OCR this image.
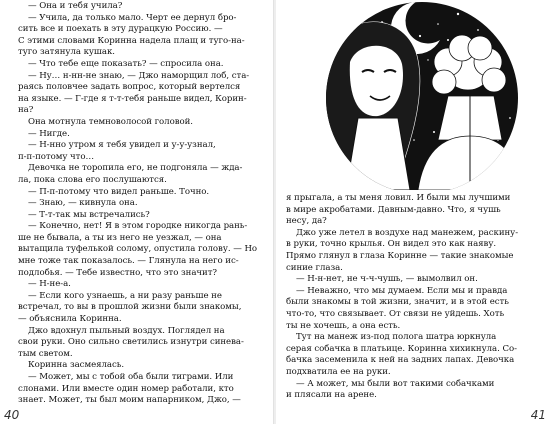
— Она и тебя учила?

— Учила, да только мало. Черт ее дернул бро-

сить все и поехать в эту дурацкую Россию. —

С этими словами Коринна надела плащ и туго-на-

туго затянула кушак.

— Что тебе еще показать? — спросила она.

— Ну… н-нн-не знаю, — Джо наморщил лоб, ста-

раясь половчее задать вопрос, который вертелся

на языке. — Г-гдe я т-т-тебя раньше видел, Корин-

на?

Она мотнула темноволосой головой.

— Нигде.

— Н-нно утром я тебя увидел и у-у-узнал,

п-п-потому что…

Девочка не торопила его, не подгоняла — ждa-

ла, пока слова его послушаются.

— П-п-потому что видел раньше. Точно.

— Знаю, — кивнула она.

— Т-т-так мы встречались?

— Конечно, нет! Я в этом городке никогда рань-

ше не бывала, а ты из него не уезжал, — она

вытащила туфелькой солому, опустила голову. — Но

мне тоже так показалось. — Глянула на него ис-

подлобья. — Тебе известно, что это значит?

— Н-не-а.

— Если кого узнаешь, а ни разу раньше не

встречал, то вы в прошлой жизни были знакомы,

— объяснила Коринна.

Джо вдохнул пыльный воздух. Поглядел на

свои руки. Оно сильно светились изнутри синева-

тым светом.

Коринна засмеялась.

— Может, мы с тобой оба были тиграми. Или

слонами. Или вместе один номер работали, кто

знает. Может, ты был моим напарником, Джо, —

40

я прыгала, а ты меня ловил. И были мы лучшими

в мире акробатами. Давным-давно. Что, я чушь

несу, да?

Джо уже летел в воздухе над манежем, раскину-

в руки, точно крылья. Он видел это как наяву.

Прямо глянул в глаза Коринне — такие знакомые

синие глаза.

— Н-н-нет, не ч-ч-чушь, — вымолвил он.

— Неважно, что мы думаем. Если мы и правда

были знакомы в той жизни, значит, и в этой есть

что-то, что связывает. От связи не уйдешь. Хоть

ты не хочешь, а она есть.

Тут на манеж из-под полога шатра юркнула

серая собачка в платьице. Коринна хихикнула. Со-

бачка засеменила к ней на задних лапах. Девочка

подхватила ее на руки.

— А может, мы были вот такими собачками

и плясали на арене.

41
